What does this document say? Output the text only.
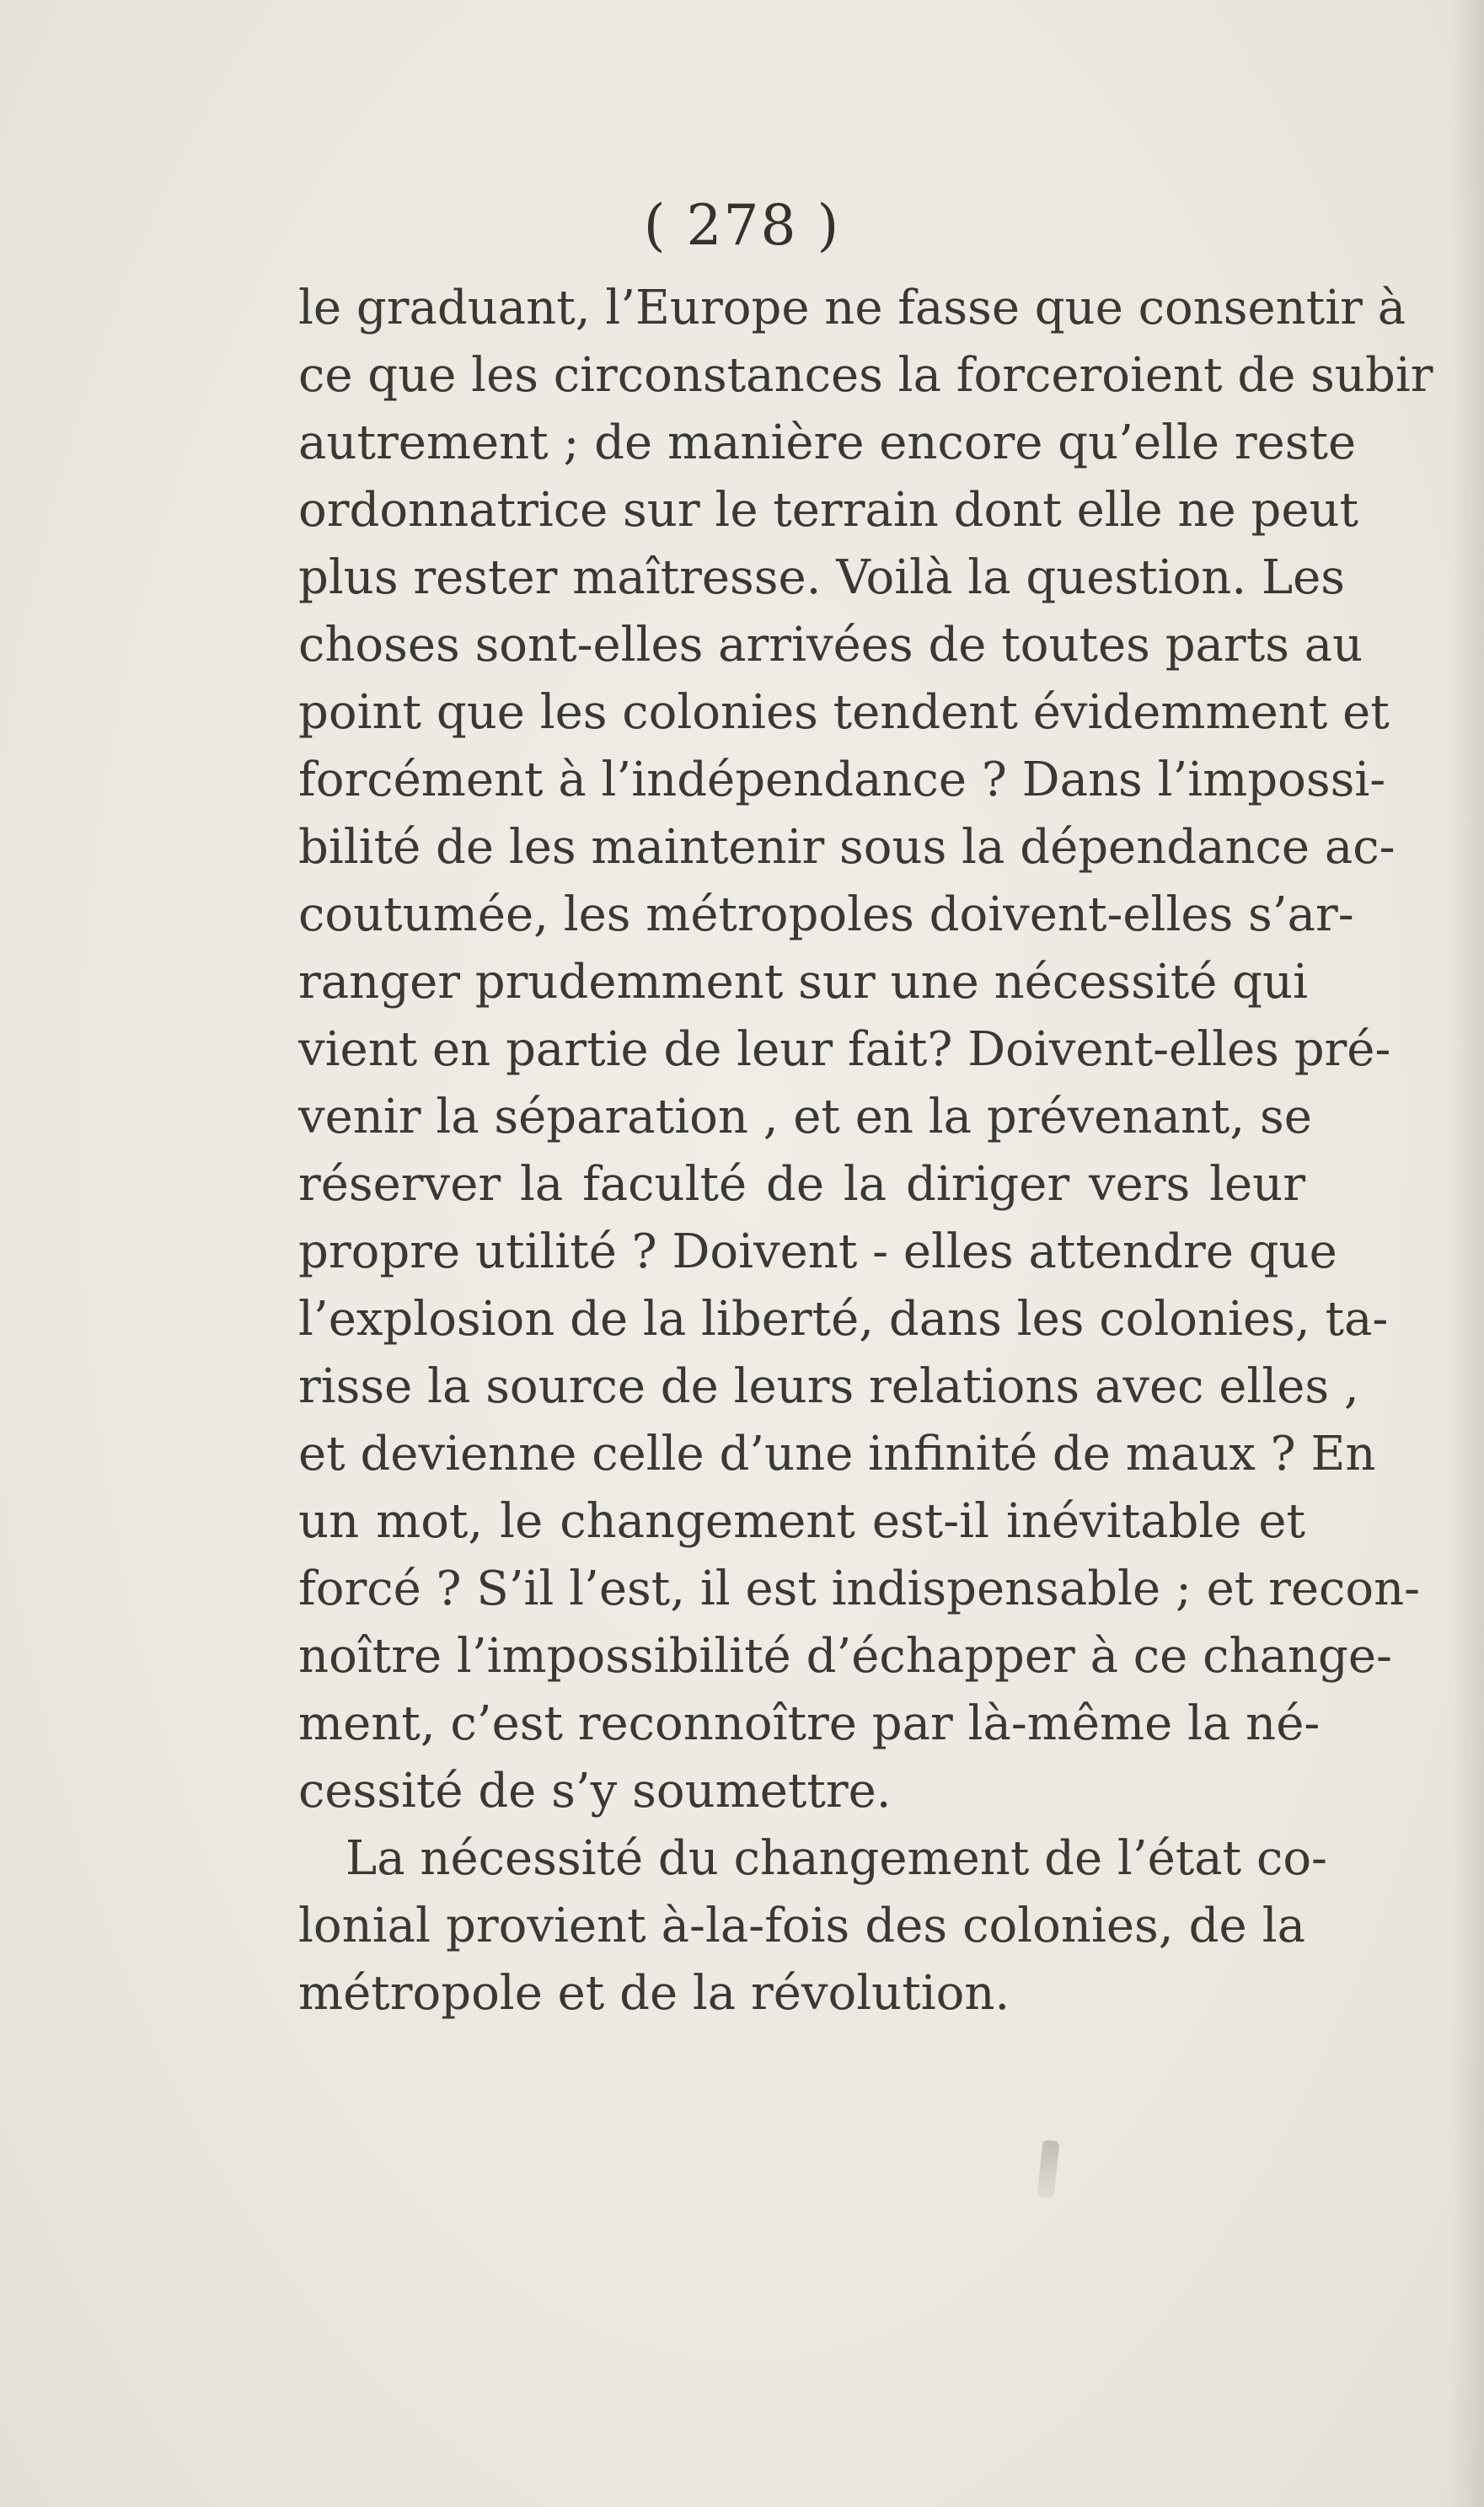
( 278 )
le graduant, l’Europe ne fasse que consentir à
ce que les circonstances la forceroient de subir
autrement ; de manière encore qu’elle reste
ordonnatrice sur le terrain dont elle ne peut
plus rester maîtresse. Voilà la question. Les
choses sont-elles arrivées de toutes parts au
point que les colonies tendent évidemment et
forcément à l’indépendance ? Dans l’impossi-
bilité de les maintenir sous la dépendance ac-
coutumée, les métropoles doivent-elles s’ar-
ranger prudemment sur une nécessité qui
vient en partie de leur fait? Doivent-elles pré-
venir la séparation , et en la prévenant, se
réserver la faculté de la diriger vers leur
propre utilité ? Doivent - elles attendre que
l’explosion de la liberté, dans les colonies, ta-
risse la source de leurs relations avec elles ,
et devienne celle d’une infinité de maux ? En
un mot, le changement est-il inévitable et
forcé ? S’il l’est, il est indispensable ; et recon-
noître l’impossibilité d’échapper à ce change-
ment, c’est reconnoître par là-même la né-
cessité de s’y soumettre.
La nécessité du changement de l’état co-
lonial provient à-la-fois des colonies, de la
métropole et de la révolution.
